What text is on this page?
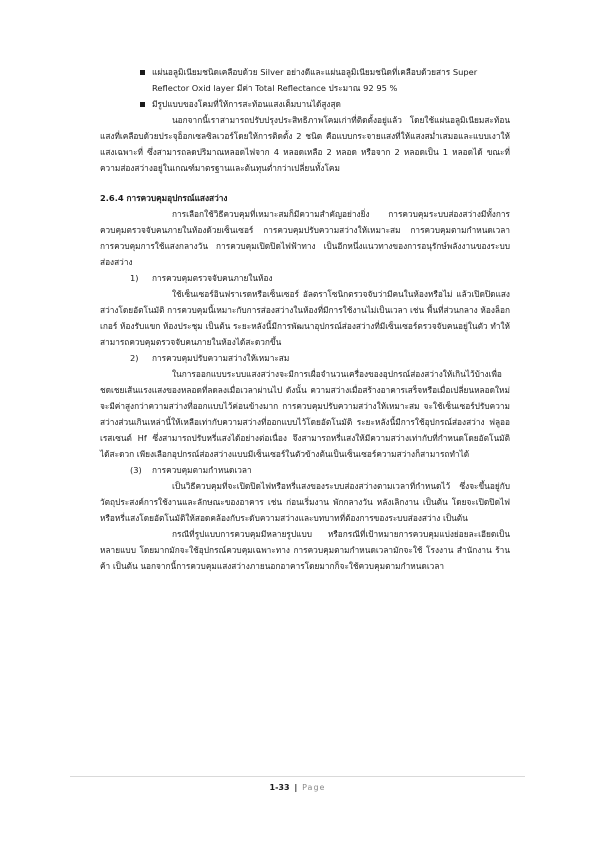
แผ่นอลูมิเนียมชนิดเคลือบด้วย Silver อย่างดีและแผ่นอลูมิเนียมชนิดที่เคลือบด้วยสาร Super Reflector Oxid layer มีค่า Total Reflectance ประมาณ 92 95 %
มีรูปแบบของโคมที่ให้การสะท้อนแสงเต็มบานได้สูงสุด

นอกจากนี้เราสามารถปรับปรุงประสิทธิภาพโคมเก่าที่ติดตั้งอยู่แล้ว โดยใช้แผ่นอลูมิเนียมสะท้อนแสงที่เคลือบด้วยประจุอ็อกเซลซิลเวอร์โดยให้การติดตั้ง 2 ชนิด คือแบบกระจายแสงที่ให้แสงสม่ำเสมอและแบบเงาให้แสงเฉพาะที่ ซึ่งสามารถลดปริมาณหลอดไฟจาก 4 หลอดเหลือ 2 หลอด หรือจาก 2 หลอดเป็น 1 หลอดได้ ขณะที่ความส่องสว่างอยู่ในเกณฑ์มาตรฐานและต้นทุนต่ำกว่าเปลี่ยนทั้งโคม

2.6.4 การควบคุมอุปกรณ์แสงสว่าง

การเลือกใช้วิธีควบคุมที่เหมาะสมก็มีความสำคัญอย่างยิ่ง การควบคุมระบบส่องสว่างมีทั้งการควบคุมตรวจจับคนภายในห้องด้วยเซ็นเซอร์ การควบคุมปรับความสว่างให้เหมาะสม การควบคุมตามกำหนดเวลา การควบคุมการใช้แสงกลางวัน การควบคุมเปิดปิดไฟฟ้าทาง เป็นอีกหนึ่งแนวทางของการอนุรักษ์พลังงานของระบบส่องสว่าง

1) การควบคุมตรวจจับคนภายในห้อง

ใช้เซ็นเซอร์อินฟราเรดหรือเซ็นเซอร์ อัลตราโซนิกตรวจจับว่ามีคนในห้องหรือไม่ แล้วเปิดปิดแสงสว่างโดยอัตโนมัติ การควบคุมนี้เหมาะกับการส่องสว่างในห้องที่มีการใช้งานไม่เป็นเวลา เช่น พื้นที่ส่วนกลาง ห้องล็อกเกอร์ ห้องรับแขก ห้องประชุม เป็นต้น ระยะหลังนี้มีการพัฒนาอุปกรณ์ส่องสว่างที่มีเซ็นเซอร์ตรวจจับคนอยู่ในตัว ทำให้สามารถควบคุมตรวจจับคนภายในห้องได้สะดวกขึ้น

2) การควบคุมปรับความสว่างให้เหมาะสม

ในการออกแบบระบบแสงสว่างจะมีการเผื่อจำนวนเครื่องของอุปกรณ์ส่องสว่างให้เกินไว้บ้างเพื่อ ชดเชยเส้นแรงแสงของหลอดที่ลดลงเมื่อเวลาผ่านไป ดังนั้น ความสว่างเมื่อสร้างอาคารเสร็จหรือเมื่อเปลี่ยนหลอดใหม่ จะมีค่าสูงกว่าความสว่างที่ออกแบบไว้ค่อนข้างมาก การควบคุมปรับความสว่างให้เหมาะสม จะใช้เซ็นเซอร์ปรับความสว่างส่วนเกินเหล่านี้ให้เหลือเท่ากับความสว่างที่ออกแบบไว้โดยอัตโนมัติ ระยะหลังนี้มีการใช้อุปกรณ์ส่องสว่าง ฟลูออเรสเซนต์ Hf ซึ่งสามารถปรับหรี่แสงได้อย่างต่อเนื่อง จึงสามารถหรี่แสงให้มีความสว่างเท่ากับที่กำหนดโดยอัตโนมัติได้สะดวก เพียงเลือกอุปกรณ์ส่องสว่างแบบมีเซ็นเซอร์ในตัวข้างต้นเป็นเซ็นเซอร์ความสว่างก็สามารถทำได้

(3) การควบคุมตามกำหนดเวลา

เป็นวิธีควบคุมที่จะเปิดปิดไฟหรือหรี่แสงของระบบส่องสว่างตามเวลาที่กำหนดไว้ ซึ่งจะขึ้นอยู่กับวัตถุประสงค์การใช้งานและลักษณะของอาคาร เช่น ก่อนเริ่มงาน พักกลางวัน หลังเลิกงาน เป็นต้น โดยจะเปิดปิดไฟหรือหรี่แสงโดยอัตโนมัติให้สอดคล้องกับระดับความสว่างและบทบาทที่ต้องการของระบบส่องสว่าง เป็นต้น

กรณีที่รูปแบบการควบคุมมีหลายรูปแบบ หรือกรณีที่เป้าหมายการควบคุมแบ่งย่อยละเอียดเป็นหลายแบบ โดยมากมักจะใช้อุปกรณ์ควบคุมเฉพาะทาง การควบคุมตามกำหนดเวลามักจะใช้ โรงงาน สำนักงาน ร้านค้า เป็นต้น นอกจากนี้การควบคุมแสงสว่างภายนอกอาคารโดยมากก็จะใช้ควบคุมตามกำหนดเวลา

1-33 | Page
